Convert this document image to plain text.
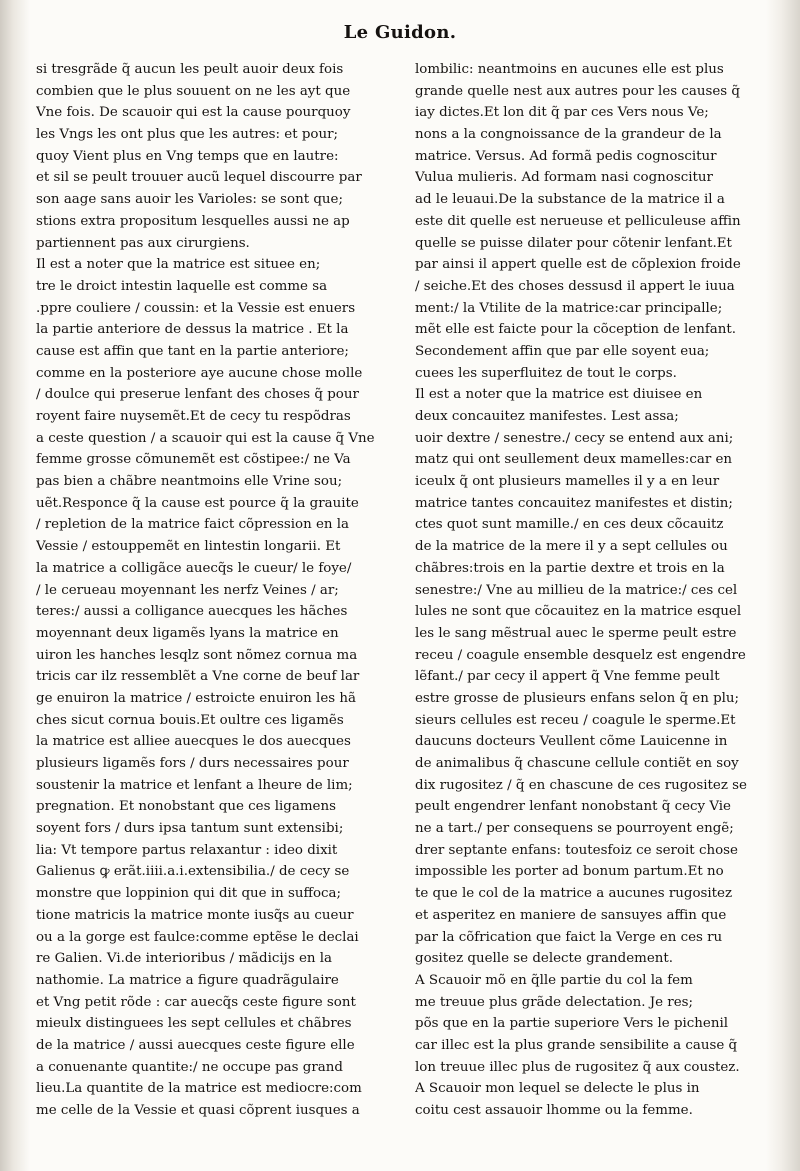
Le Guidon.
si tresgrãde q̃ aucun les peult auoir deux fois
combien que le plus souuent on ne les ayt que
Vne fois. De scauoir qui est la cause pourquoy
les Vngs les ont plus que les autres: et pour;
quoy Vient plus en Vng temps que en lautre:
et sil se peult trouuer aucũ lequel discourre par
son aage sans auoir les Varioles: se sont que;
stions extra propositum lesquelles aussi ne ap
partiennent pas aux cirurgiens.
Il est a noter que la matrice est situee en;
tre le droict intestin laquelle est comme sa
.ppre couliere / coussin: et la Vessie est enuers
la partie anteriore de dessus la matrice . Et la
cause est affin que tant en la partie anteriore;
comme en la posteriore aye aucune chose molle
/ doulce qui preserue lenfant des choses q̃ pour
royent faire nuysemẽt.Et de cecy tu respõdras
a ceste question / a scauoir qui est la cause q̃ Vne
femme grosse cõmunemẽt est cõstipee:/ ne Va
pas bien a chãbre neantmoins elle Vrine sou;
uẽt.Responce q̃ la cause est pource q̃ la grauite
/ repletion de la matrice faict cõpression en la
Vessie / estouppemẽt en lintestin longarii. Et
la matrice a colligãce auecq̃s le cueur/ le foye/
/ le cerueau moyennant les nerfz Veines / ar;
teres:/ aussi a colligance auecques les hãches
moyennant deux ligamẽs lyans la matrice en
uiron les hanches lesqlz sont nõmez cornua ma
tricis car ilz ressemblẽt a Vne corne de beuf lar
ge enuiron la matrice / estroicte enuiron les hã
ches sicut cornua bouis.Et oultre ces ligamẽs
la matrice est alliee auecques le dos auecques
plusieurs ligamẽs fors / durs necessaires pour
soustenir la matrice et lenfant a lheure de lim;
pregnation. Et nonobstant que ces ligamens
soyent fors / durs ipsa tantum sunt extensibi;
lia: Vt tempore partus relaxantur : ideo dixit
Galienus ꝙ erãt.iiii.a.i.extensibilia./ de cecy se
monstre que loppinion qui dit que in suffoca;
tione matricis la matrice monte iusq̃s au cueur
ou a la gorge est faulce:comme eptẽse le declai
re Galien. Vi.de interioribus / mãdicijs en la
nathomie. La matrice a figure quadrãgulaire
et Vng petit rõde : car auecq̃s ceste figure sont
mieulx distinguees les sept cellules et chãbres
de la matrice / aussi auecques ceste figure elle
a conuenante quantite:/ ne occupe pas grand
lieu.La quantite de la matrice est mediocre:com
me celle de la Vessie et quasi cõprent iusques a
lombilic: neantmoins en aucunes elle est plus
grande quelle nest aux autres pour les causes q̃
iay dictes.Et lon dit q̃ par ces Vers nous Ve;
nons a la congnoissance de la grandeur de la
matrice. Versus. Ad formã pedis cognoscitur
Vulua mulieris. Ad formam nasi cognoscitur
ad le leuaui.De la substance de la matrice il a
este dit quelle est nerueuse et pelliculeuse affin
quelle se puisse dilater pour cõtenir lenfant.Et
par ainsi il appert quelle est de cõplexion froide
/ seiche.Et des choses dessusd il appert le iuua
ment:/ la Vtilite de la matrice:car principalle;
mẽt elle est faicte pour la cõception de lenfant.
Secondement affin que par elle soyent eua;
cuees les superfluitez de tout le corps.
Il est a noter que la matrice est diuisee en
deux concauitez manifestes. Lest assa;
uoir dextre / senestre./ cecy se entend aux ani;
matz qui ont seullement deux mamelles:car en
iceulx q̃ ont plusieurs mamelles il y a en leur
matrice tantes concauitez manifestes et distin;
ctes quot sunt mamille./ en ces deux cõcauitz
de la matrice de la mere il y a sept cellules ou
chãbres:trois en la partie dextre et trois en la
senestre:/ Vne au millieu de la matrice:/ ces cel
lules ne sont que cõcauitez en la matrice esquel
les le sang mẽstrual auec le sperme peult estre
receu / coagule ensemble desquelz est engendre
lẽfant./ par cecy il appert q̃ Vne femme peult
estre grosse de plusieurs enfans selon q̃ en plu;
sieurs cellules est receu / coagule le sperme.Et
daucuns docteurs Veullent cõme Lauicenne in
de animalibus q̃ chascune cellule contiẽt en soy
dix rugositez / q̃ en chascune de ces rugositez se
peult engendrer lenfant nonobstant q̃ cecy Vie
ne a tart./ per consequens se pourroyent engẽ;
drer septante enfans: toutesfoiz ce seroit chose
impossible les porter ad bonum partum.Et no
te que le col de la matrice a aucunes rugositez
et asperitez en maniere de sansuyes affin que
par la cõfrication que faict la Verge en ces ru
gositez quelle se delecte grandement.
A Scauoir mõ en q̃lle partie du col la fem
me treuue plus grãde delectation. Je res;
põs que en la partie superiore Vers le pichenil
car illec est la plus grande sensibilite a cause q̃
lon treuue illec plus de rugositez q̃ aux coustez.
A Scauoir mon lequel se delecte le plus in
coitu cest assauoir lhomme ou la femme.
